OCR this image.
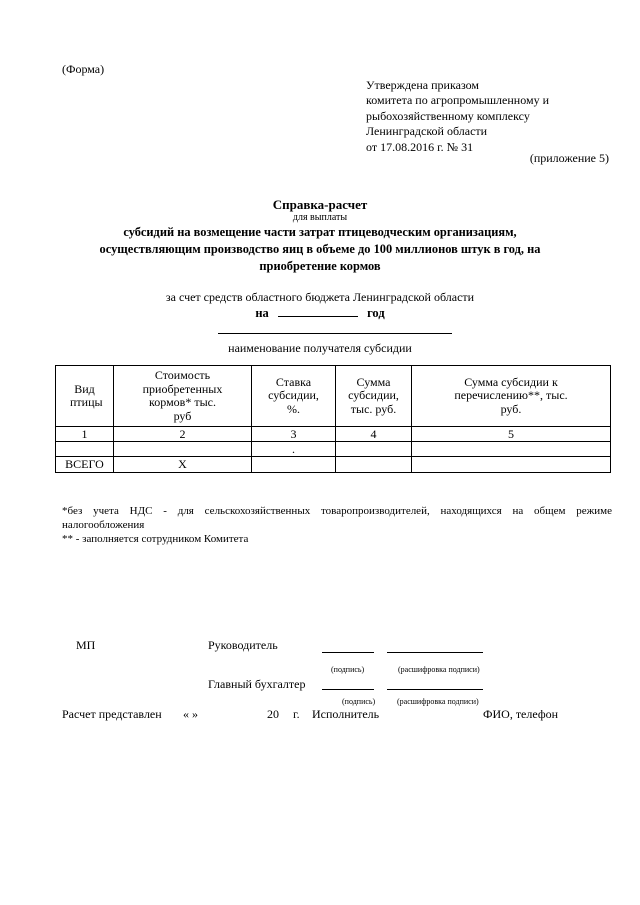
(Форма)
Утверждена приказом
комитета по агропромышленному и
рыбохозяйственному комплексу
Ленинградской области
от 17.08.2016 г. № 31
(приложение 5)
Справка-расчет
для выплаты
субсидий на возмещение части затрат птицеводческим организациям,
осуществляющим производство яиц в объеме до 100 миллионов штук в год, на
приобретение кормов
за счет средств областного бюджета Ленинградской области
на	год
наименование получателя субсидии
Вид птицы	Стоимость приобретенных кормов* тыс. руб	Ставка субсидии, %.	Сумма субсидии, тыс. руб.	Сумма субсидии к перечислению**, тыс. руб.
1	2	3	4	5
		.		
ВСЕГО	X			
*без учета НДС - для сельскохозяйственных товаропроизводителей, находящихся на общем режиме налогообложения
** - заполняется сотрудником Комитета
МП	Руководитель
(подпись)	(расшифровка подписи)
Главный бухгалтер
(подпись)	(расшифровка подписи)
Расчет представлен « »	20 г. Исполнитель	ФИО, телефон
